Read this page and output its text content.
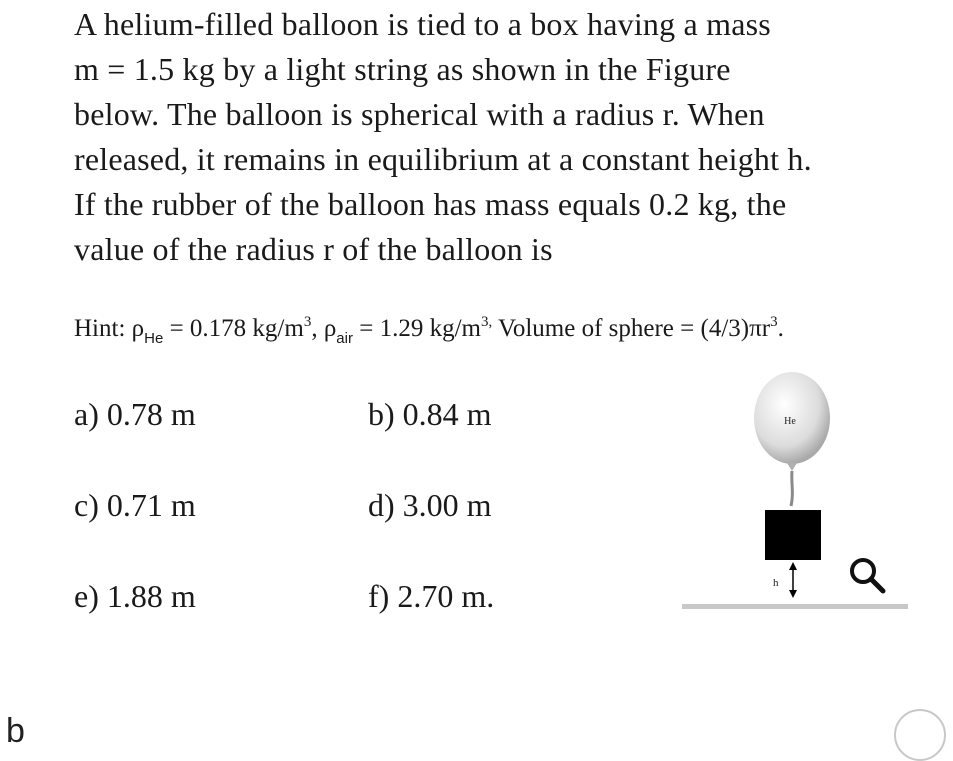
A helium-filled balloon is tied to a box having a mass
m = 1.5 kg by a light string as shown in the Figure
below. The balloon is spherical with a radius r. When
released, it remains in equilibrium at a constant height h.
If the rubber of the balloon has mass equals 0.2 kg, the
value of the radius r of the balloon is
Hint: $\rho_{He} = 0.178$ $kg/m^3$, $\rho_{air} = 1.29$ $kg/m^{3,}$ Volume of sphere = $(4/3)\pi r^3$.
a) 0.78 m	b) 0.84 m
c) 0.71 m	d) 3.00 m
e) 1.88 m	f) 2.70 m.
He
h
b
